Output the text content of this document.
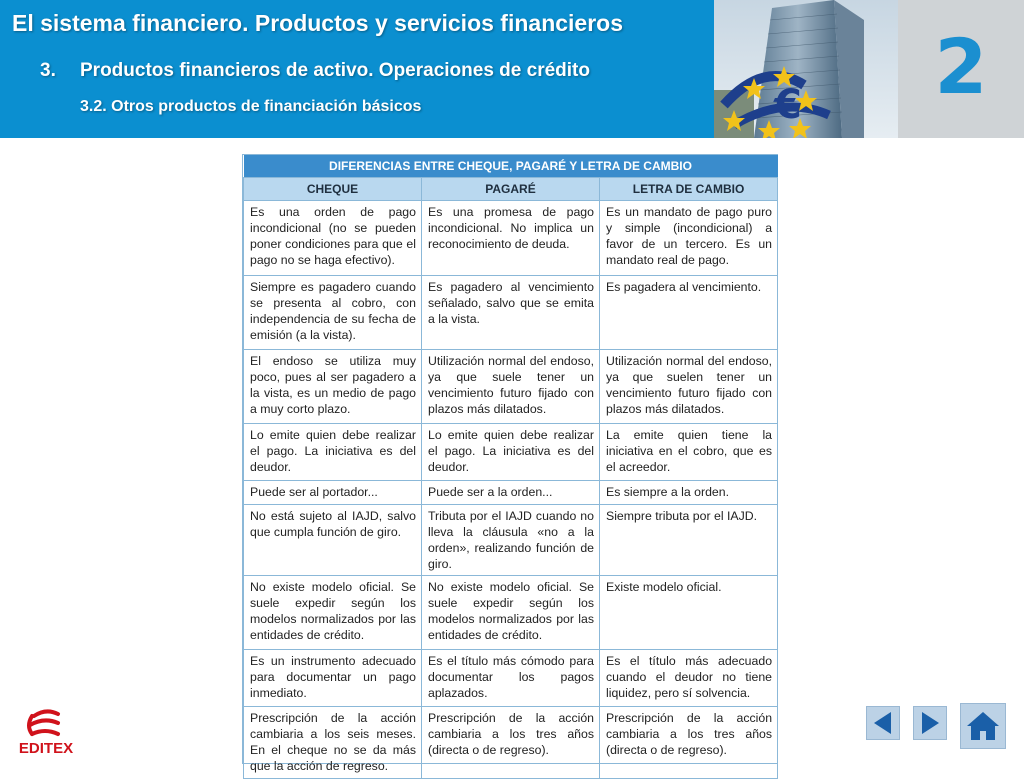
El sistema financiero. Productos y servicios financieros
3. Productos financieros de activo. Operaciones de crédito
3.2. Otros productos de financiación básicos	€	2
DIFERENCIAS ENTRE CHEQUE, PAGARÉ Y LETRA DE CAMBIO		
CHEQUE	PAGARÉ	LETRA DE CAMBIO
Es una orden de pago incondicional (no se pueden poner condiciones para que el pago no se haga efectivo).	Es una promesa de pago incondicional. No implica un reconocimiento de deuda.	Es un mandato de pago puro y simple (incondicional) a favor de un tercero. Es un mandato real de pago.
Siempre es pagadero cuando se presenta al cobro, con independencia de su fecha de emisión (a la vista).	Es pagadero al vencimiento señalado, salvo que se emita a la vista.	Es pagadera al vencimiento.
El endoso se utiliza muy poco, pues al ser pagadero a la vista, es un medio de pago a muy corto plazo.	Utilización normal del endoso, ya que suele tener un vencimiento futuro fijado con plazos más dilatados.	Utilización normal del endoso, ya que suelen tener un vencimiento futuro fijado con plazos más dilatados.
Lo emite quien debe realizar el pago. La iniciativa es del deudor.	Lo emite quien debe realizar el pago. La iniciativa es del deudor.	La emite quien tiene la iniciativa en el cobro, que es el acreedor.
Puede ser al portador...	Puede ser a la orden...	Es siempre a la orden.
No está sujeto al IAJD, salvo que cumpla función de giro.	Tributa por el IAJD cuando no lleva la cláusula «no a la orden», realizando función de giro.	Siempre tributa por el IAJD.
No existe modelo oficial. Se suele expedir según los modelos normalizados por las entidades de crédito.	No existe modelo oficial. Se suele expedir según los modelos normalizados por las entidades de crédito.	Existe modelo oficial.
Es un instrumento adecuado para documentar un pago inmediato.	Es el título más cómodo para documentar los pagos aplazados.	Es el título más adecuado cuando el deudor no tiene liquidez, pero sí solvencia.
Prescripción de la acción cambiaria a los seis meses. En el cheque no se da más que la acción de regreso.	Prescripción de la acción cambiaria a los tres años (directa o de regreso).	Prescripción de la acción cambiaria a los tres años (directa o de regreso).
EDITEX
